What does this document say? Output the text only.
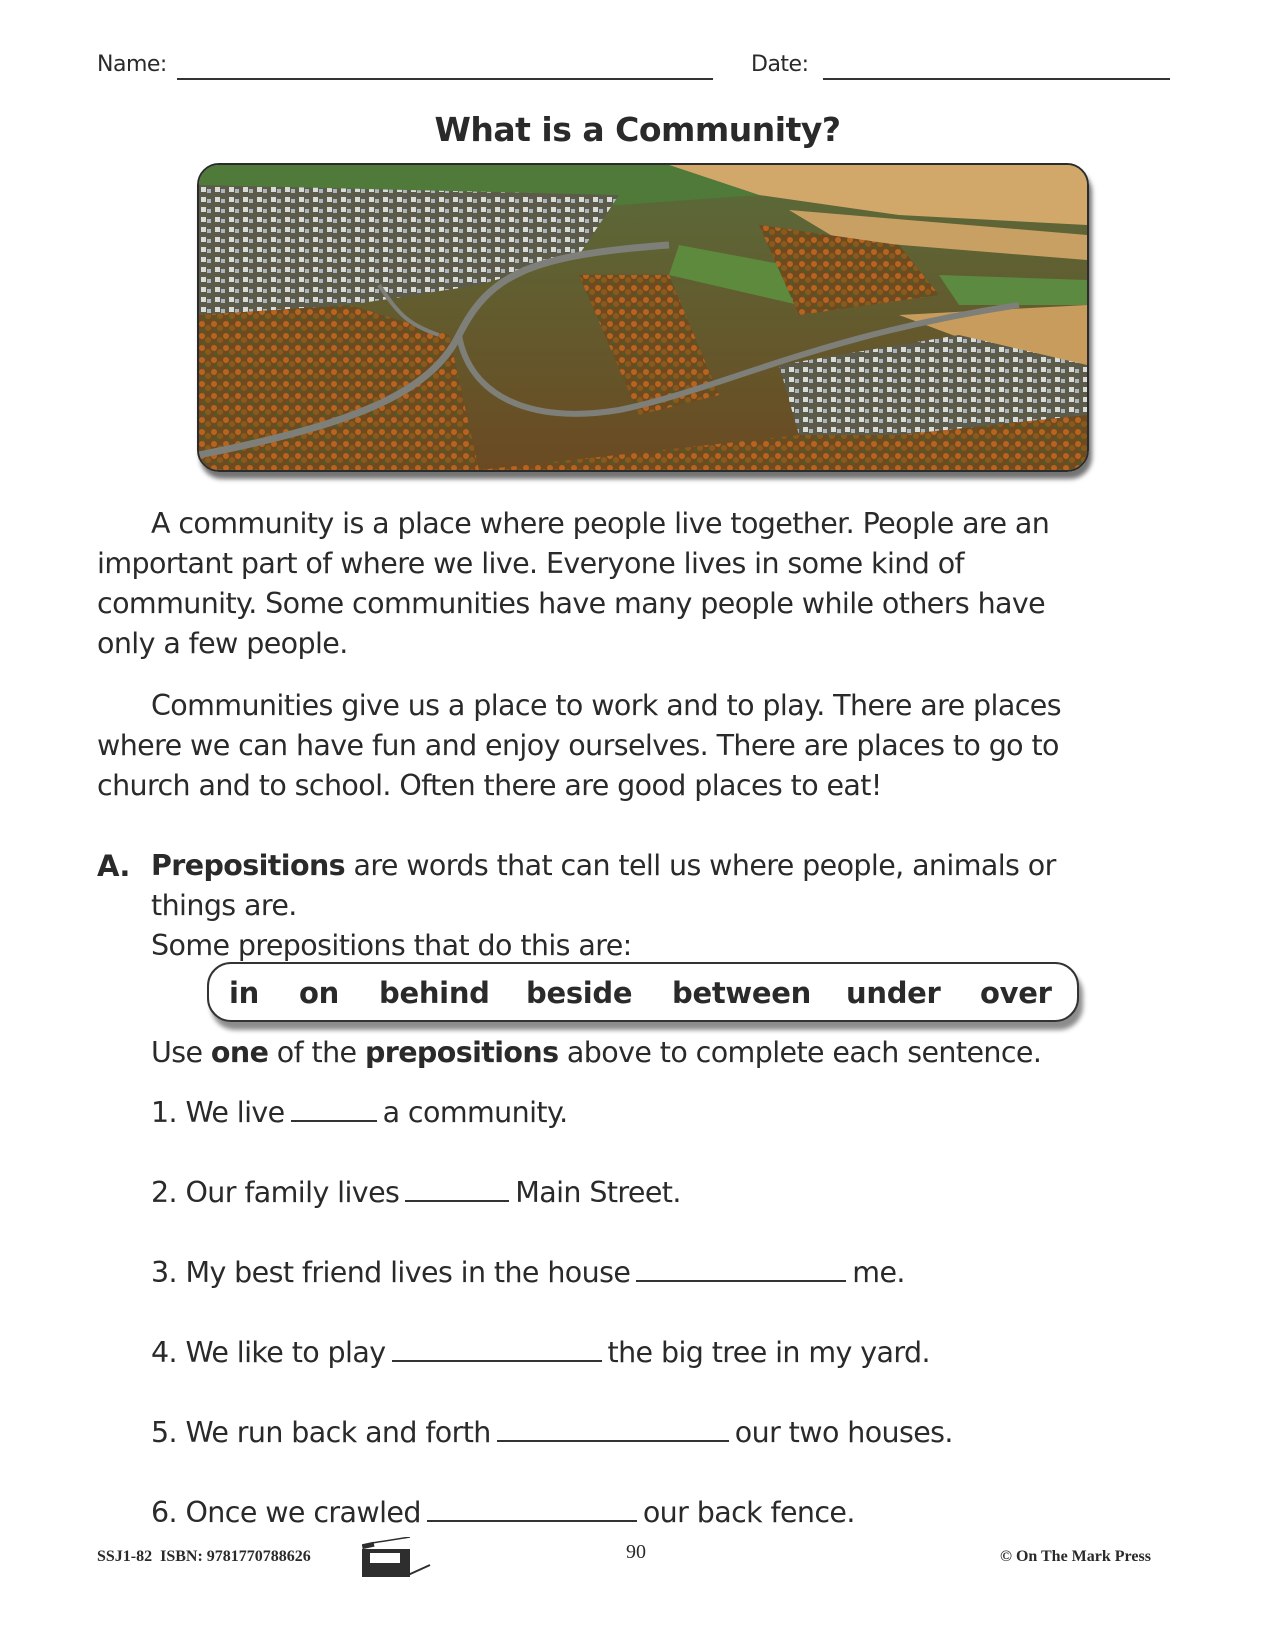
Name:	Date:
What is a Community?
A community is a place where people live together. People are an
important part of where we live. Everyone lives in some kind of
community. Some communities have many people while others have
only a few people.
Communities give us a place to work and to play. There are places
where we can have fun and enjoy ourselves. There are places to go to
church and to school. Often there are good places to eat!
A. Prepositions are words that can tell us where people, animals or
things are.
Some prepositions that do this are:
in on behind beside between under over
Use one of the prepositions above to complete each sentence.
1. We live	a community.
2. Our family lives	Main Street.
3. My best friend lives in the house	me.
4. We like to play	the big tree in my yard.
5. We run back and forth	our two houses.
6. Once we crawled	our back fence.
SSJ1-82  ISBN: 9781770788626	90	© On The Mark Press
